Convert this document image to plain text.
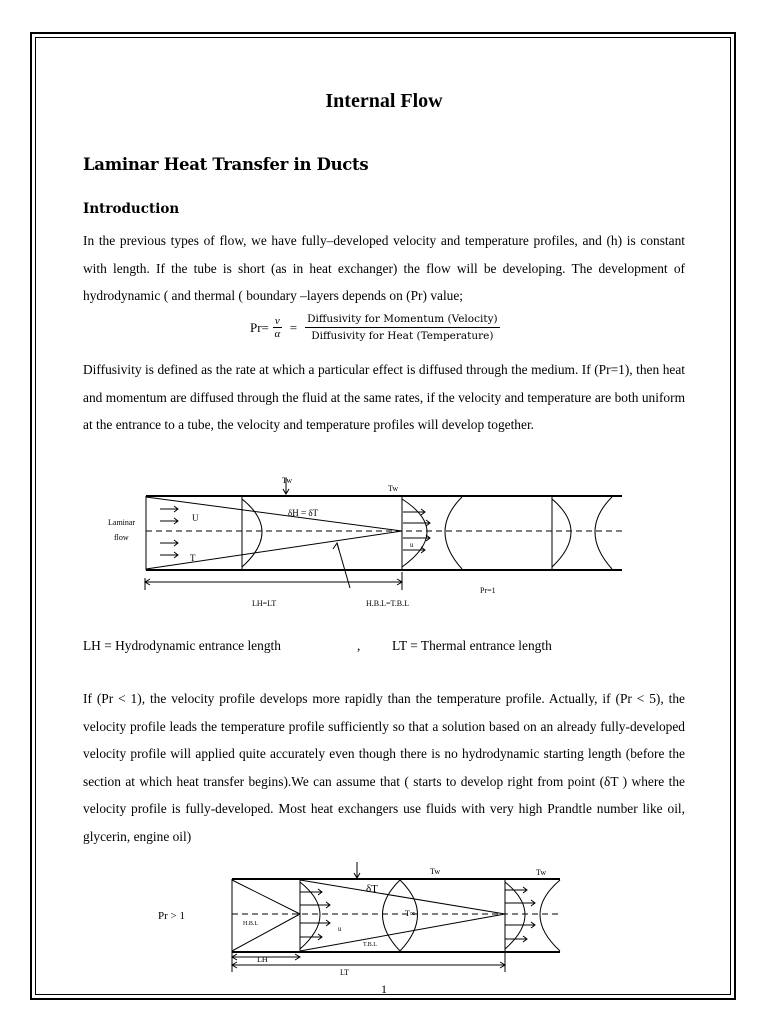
Internal Flow
Laminar Heat Transfer in Ducts
Introduction

In the previous types of flow, we have fully–developed velocity and temperature profiles, and (h) is constant with length. If the tube is short (as in heat exchanger) the flow will be developing. The development of hydrodynamic ( and thermal ( boundary –layers depends on (Pr) value;

$Pr= \frac{\nu}{\alpha} = \frac{\text{Diffusivity for Momentum (Velocity)}}{\text{Diffusivity for Heat (Temperature)}}$

Diffusivity is defined as the rate at which a particular effect is diffused through the medium. If (Pr=1), then heat and momentum are diffused through the fluid at the same rates, if the velocity and temperature are both uniform at the entrance to a tube, the velocity and temperature profiles will develop together.

Tw
Tw
δH = δT
Laminar
flow
U
T
u
LH=LT	H.B.L=T.B.L
Pr=1
LH = Hydrodynamic entrance length	, LT = Thermal entrance length

If (Pr < 1), the velocity profile develops more rapidly than the temperature profile. Actually, if (Pr < 5), the velocity profile leads the temperature profile sufficiently so that a solution based on an already fully-developed velocity profile will applied quite accurately even though there is no hydrodynamic starting length (before the section at which heat transfer begins).We can assume that ( starts to develop right from point (δT ) where the velocity profile is fully-developed. Most heat exchangers use fluids with very high Prandtle number like oil, glycerin, engine oil)

Pr > 1
Tw	Tw
δT
T∞
H.B.L
u
T.B.L
LH
LT
1
